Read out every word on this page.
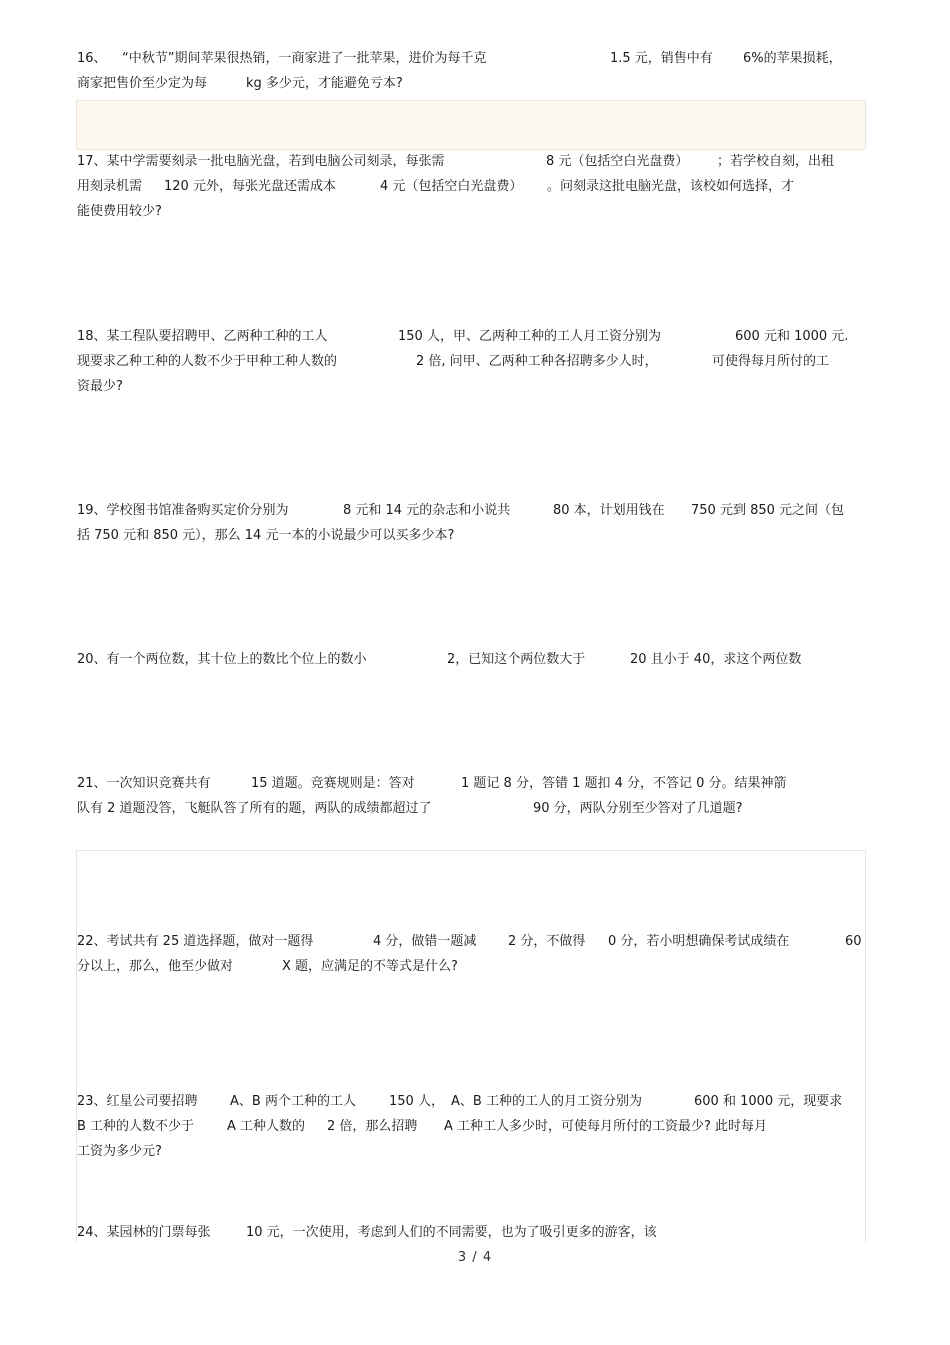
16、 “中秋节”期间苹果很热销，一商家进了一批苹果，进价为每千克	1.5 元，销售中有 6%的苹果损耗，
商家把售价至少定为每	kg 多少元，才能避免亏本?
17、某中学需要刻录一批电脑光盘，若到电脑公司刻录，每张需	8 元（包括空白光盘费） ；若学校自刻，出租
用刻录机需 120 元外，每张光盘还需成本	4 元（包括空白光盘费） 。问刻录这批电脑光盘，该校如何选择，才
能使费用较少?
18、某工程队要招聘甲、乙两种工种的工人	150 人，甲、乙两种工种的工人月工资分别为	600 元和 1000 元.
现要求乙种工种的人数不少于甲种工种人数的	2 倍, 问甲、乙两种工种各招聘多少人时，	可使得每月所付的工
资最少?
19、学校图书馆准备购买定价分别为	8 元和 14 元的杂志和小说共	80 本，计划用钱在 750 元到 850 元之间（包
括 750 元和 850 元），那么 14 元一本的小说最少可以买多少本?
20、有一个两位数，其十位上的数比个位上的数小	2，已知这个两位数大于	20 且小于 40，求这个两位数
21、一次知识竞赛共有	15 道题。竞赛规则是：答对	1 题记 8 分，答错 1 题扣 4 分，不答记 0 分。结果神箭
队有 2 道题没答，飞艇队答了所有的题，两队的成绩都超过了	90 分，两队分别至少答对了几道题?
22、考试共有 25 道选择题，做对一题得	4 分，做错一题减 2 分，不做得 0 分，若小明想确保考试成绩在	60
分以上，那么，他至少做对	X 题，应满足的不等式是什么?
23、红星公司要招聘 A、B 两个工种的工人	150 人， A、B 工种的工人的月工资分别为	600 和 1000 元，现要求
B 工种的人数不少于	A 工种人数的 2 倍，那么招聘 A 工种工人多少时，可使每月所付的工资最少? 此时每月
工资为多少元?
24、某园林的门票每张	10 元，一次使用，考虑到人们的不同需要，也为了吸引更多的游客，该
3 / 4
